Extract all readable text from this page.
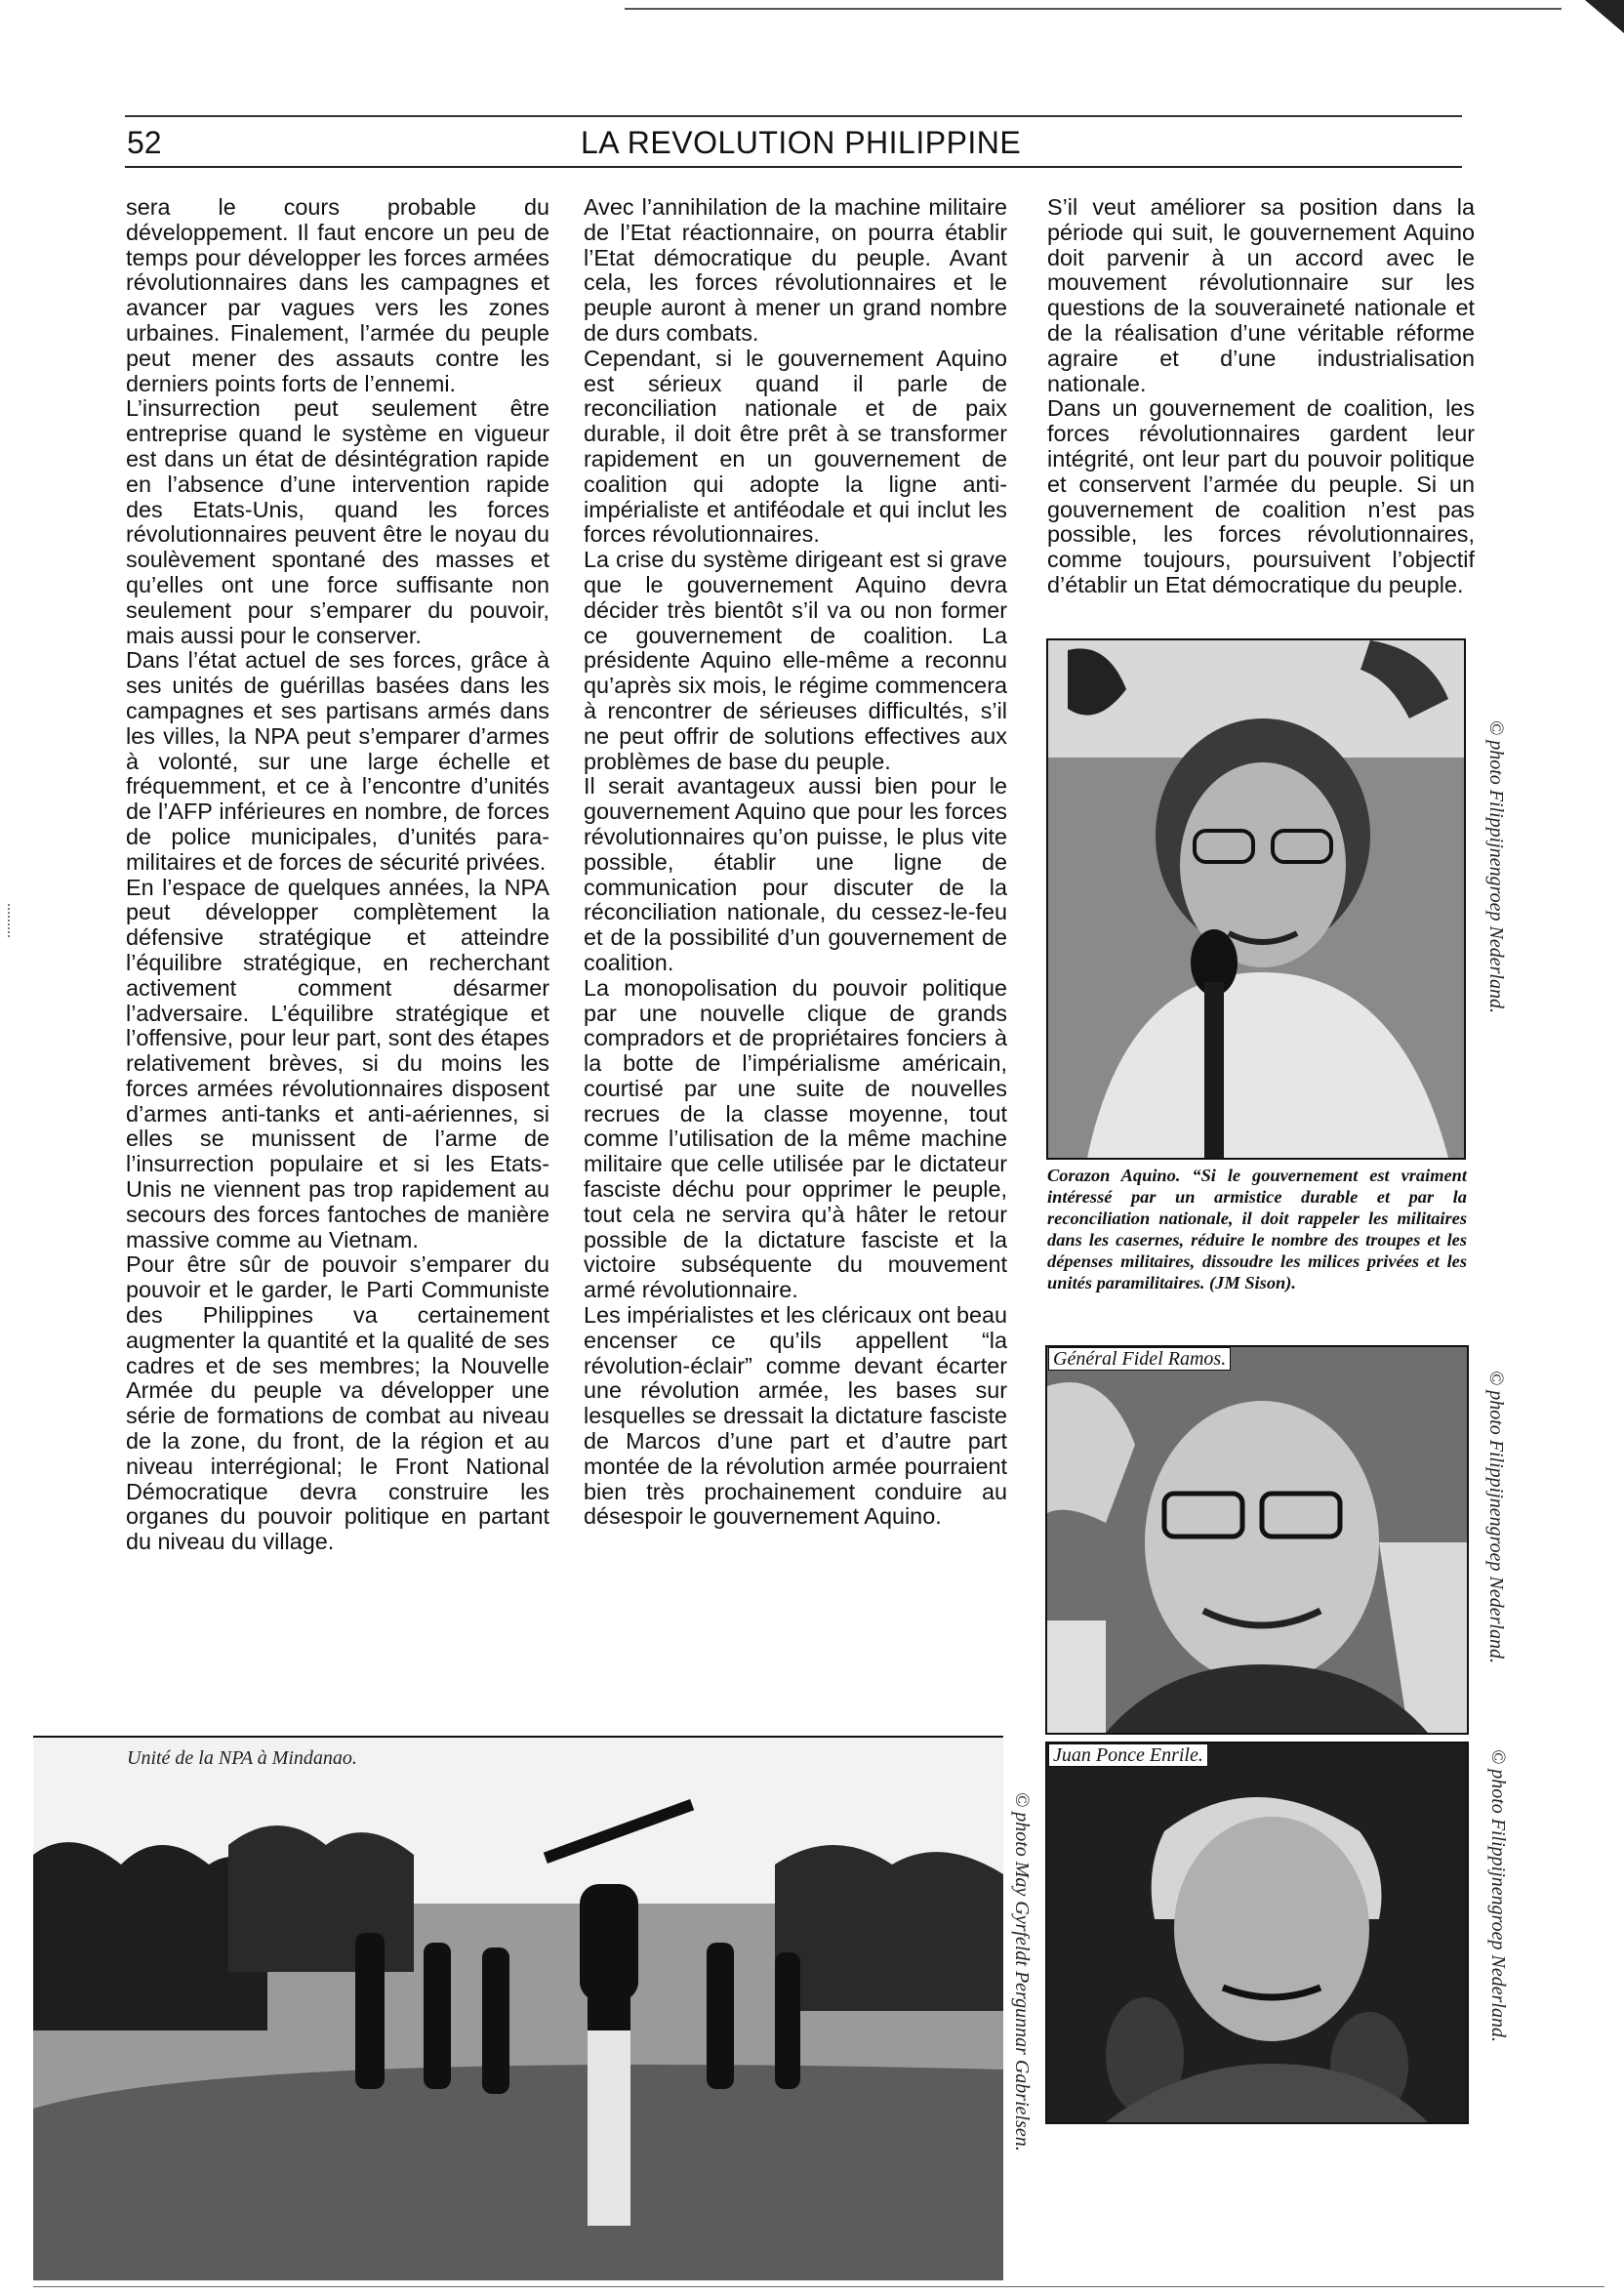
52	LA REVOLUTION PHILIPPINE

sera le cours probable du développement. Il faut encore un peu de temps pour développer les forces armées révolutionnaires dans les campagnes et avancer par vagues vers les zones urbaines. Finalement, l’armée du peuple peut mener des assauts contre les derniers points forts de l’ennemi.

L’insurrection peut seulement être entreprise quand le système en vigueur est dans un état de désintégration rapide en l’absence d’une intervention rapide des Etats-Unis, quand les forces révolutionnaires peuvent être le noyau du soulèvement spontané des masses et qu’elles ont une force suffisante non seulement pour s’emparer du pouvoir, mais aussi pour le conserver.

Dans l’état actuel de ses forces, grâce à ses unités de guérillas basées dans les campagnes et ses partisans armés dans les villes, la NPA peut s’emparer d’armes à volonté, sur une large échelle et fréquemment, et ce à l’encontre d’unités de l’AFP inférieures en nombre, de forces de police municipales, d’unités para-militaires et de forces de sécurité privées.

En l’espace de quelques années, la NPA peut développer complètement la défensive stratégique et atteindre l’équilibre stratégique, en recherchant activement comment désarmer l’adversaire. L’équilibre stratégique et l’offensive, pour leur part, sont des étapes relativement brèves, si du moins les forces armées révolutionnaires disposent d’armes anti-tanks et anti-aériennes, si elles se munissent de l’arme de l’insurrection populaire et si les Etats-Unis ne viennent pas trop rapidement au secours des forces fantoches de manière massive comme au Vietnam.

Pour être sûr de pouvoir s’emparer du pouvoir et le garder, le Parti Communiste des Philippines va certainement augmenter la quantité et la qualité de ses cadres et de ses membres; la Nouvelle Armée du peuple va développer une série de formations de combat au niveau de la zone, du front, de la région et au niveau interrégional; le Front National Démocratique devra construire les organes du pouvoir politique en partant du niveau du village.

Avec l’annihilation de la machine militaire de l’Etat réactionnaire, on pourra établir l’Etat démocratique du peuple. Avant cela, les forces révolutionnaires et le peuple auront à mener un grand nombre de durs combats.

Cependant, si le gouvernement Aquino est sérieux quand il parle de reconciliation nationale et de paix durable, il doit être prêt à se transformer rapidement en un gouvernement de coalition qui adopte la ligne anti-impérialiste et antiféodale et qui inclut les forces révolutionnaires.

La crise du système dirigeant est si grave que le gouvernement Aquino devra décider très bientôt s’il va ou non former ce gouvernement de coalition. La présidente Aquino elle-même a reconnu qu’après six mois, le régime commencera à rencontrer de sérieuses difficultés, s’il ne peut offrir de solutions effectives aux problèmes de base du peuple.

Il serait avantageux aussi bien pour le gouvernement Aquino que pour les forces révolutionnaires qu’on puisse, le plus vite possible, établir une ligne de communication pour discuter de la réconciliation nationale, du cessez-le-feu et de la possibilité d’un gouvernement de coalition.

La monopolisation du pouvoir politique par une nouvelle clique de grands compradors et de propriétaires fonciers à la botte de l’impérialisme américain, courtisé par une suite de nouvelles recrues de la classe moyenne, tout comme l’utilisation de la même machine militaire que celle utilisée par le dictateur fasciste déchu pour opprimer le peuple, tout cela ne servira qu’à hâter le retour possible de la dictature fasciste et la victoire subséquente du mouvement armé révolutionnaire.

Les impérialistes et les cléricaux ont beau encenser ce qu’ils appellent “la révolution-éclair” comme devant écarter une révolution armée, les bases sur lesquelles se dressait la dictature fasciste de Marcos d’une part et d’autre part montée de la révolution armée pourraient bien très prochainement conduire au désespoir le gouvernement Aquino.

S’il veut améliorer sa position dans la période qui suit, le gouvernement Aquino doit parvenir à un accord avec le mouvement révolutionnaire sur les questions de la souveraineté nationale et de la réalisation d’une véritable réforme agraire et d’une industrialisation nationale.

Dans un gouvernement de coalition, les forces révolutionnaires gardent leur intégrité, ont leur part du pouvoir politique et conservent l’armée du peuple. Si un gouvernement de coalition n’est pas possible, les forces révolutionnaires, comme toujours, poursuivent l’objectif d’établir un Etat démocratique du peuple.

© photo Filippijnengroep Nederland.
Corazon Aquino. “Si le gouvernement est vraiment intéressé par un armistice durable et par la reconciliation nationale, il doit rappeler les militaires dans les casernes, réduire le nombre des troupes et les dépenses militaires, dissoudre les milices privées et les unités paramilitaires. (JM Sison).
Général Fidel Ramos.
© photo Filippijnengroep Nederland.
Juan Ponce Enrile.	© photo Filippijnengroep Nederland.
Unité de la NPA à Mindanao.
© photo May Gyrfeldt Pergunnar Gabrielsen.
